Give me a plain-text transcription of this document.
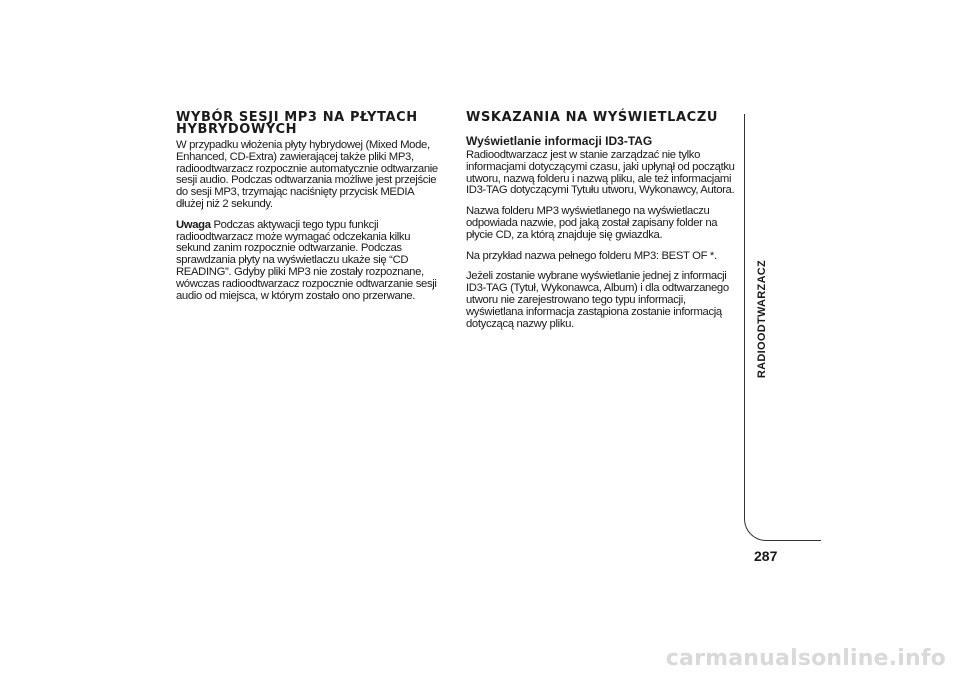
WYBÓR SESJI MP3 NA PŁYTACH HYBRYDOWYCH

W przypadku włożenia płyty hybrydowej (Mixed Mode, Enhanced, CD-Extra) zawierającej także pliki MP3, radioodtwarzacz rozpocznie automatycznie odtwarzanie sesji audio. Podczas odtwarzania możliwe jest przejście do sesji MP3, trzymając naciśnięty przycisk MEDIA dłużej niż 2 sekundy.

Uwaga Podczas aktywacji tego typu funkcji radioodtwarzacz może wymagać odczekania kilku sekund zanim rozpocznie odtwarzanie. Podczas sprawdzania płyty na wyświetlaczu ukaże się “CD READING”. Gdyby pliki MP3 nie zostały rozpoznane, wówczas radioodtwarzacz rozpocznie odtwarzanie sesji audio od miejsca, w którym zostało ono przerwane.

WSKAZANIA NA WYŚWIETLACZU
Wyświetlanie informacji ID3-TAG

Radioodtwarzacz jest w stanie zarządzać nie tylko informacjami dotyczącymi czasu, jaki upłynął od początku utworu, nazwą folderu i nazwą pliku, ale też informacjami ID3-TAG dotyczącymi Tytułu utworu, Wykonawcy, Autora.

Nazwa folderu MP3 wyświetlanego na wyświetlaczu odpowiada nazwie, pod jaką został zapisany folder na płycie CD, za którą znajduje się gwiazdka.

Na przykład nazwa pełnego folderu MP3: BEST OF *.

Jeżeli zostanie wybrane wyświetlanie jednej z informacji ID3-TAG (Tytuł, Wykonawca, Album) i dla odtwarzanego utworu nie zarejestrowano tego typu informacji, wyświetlana informacja zastąpiona zostanie informacją dotyczącą nazwy pliku.	RADIOODTWARZACZ
287
carmanualsonline.info
